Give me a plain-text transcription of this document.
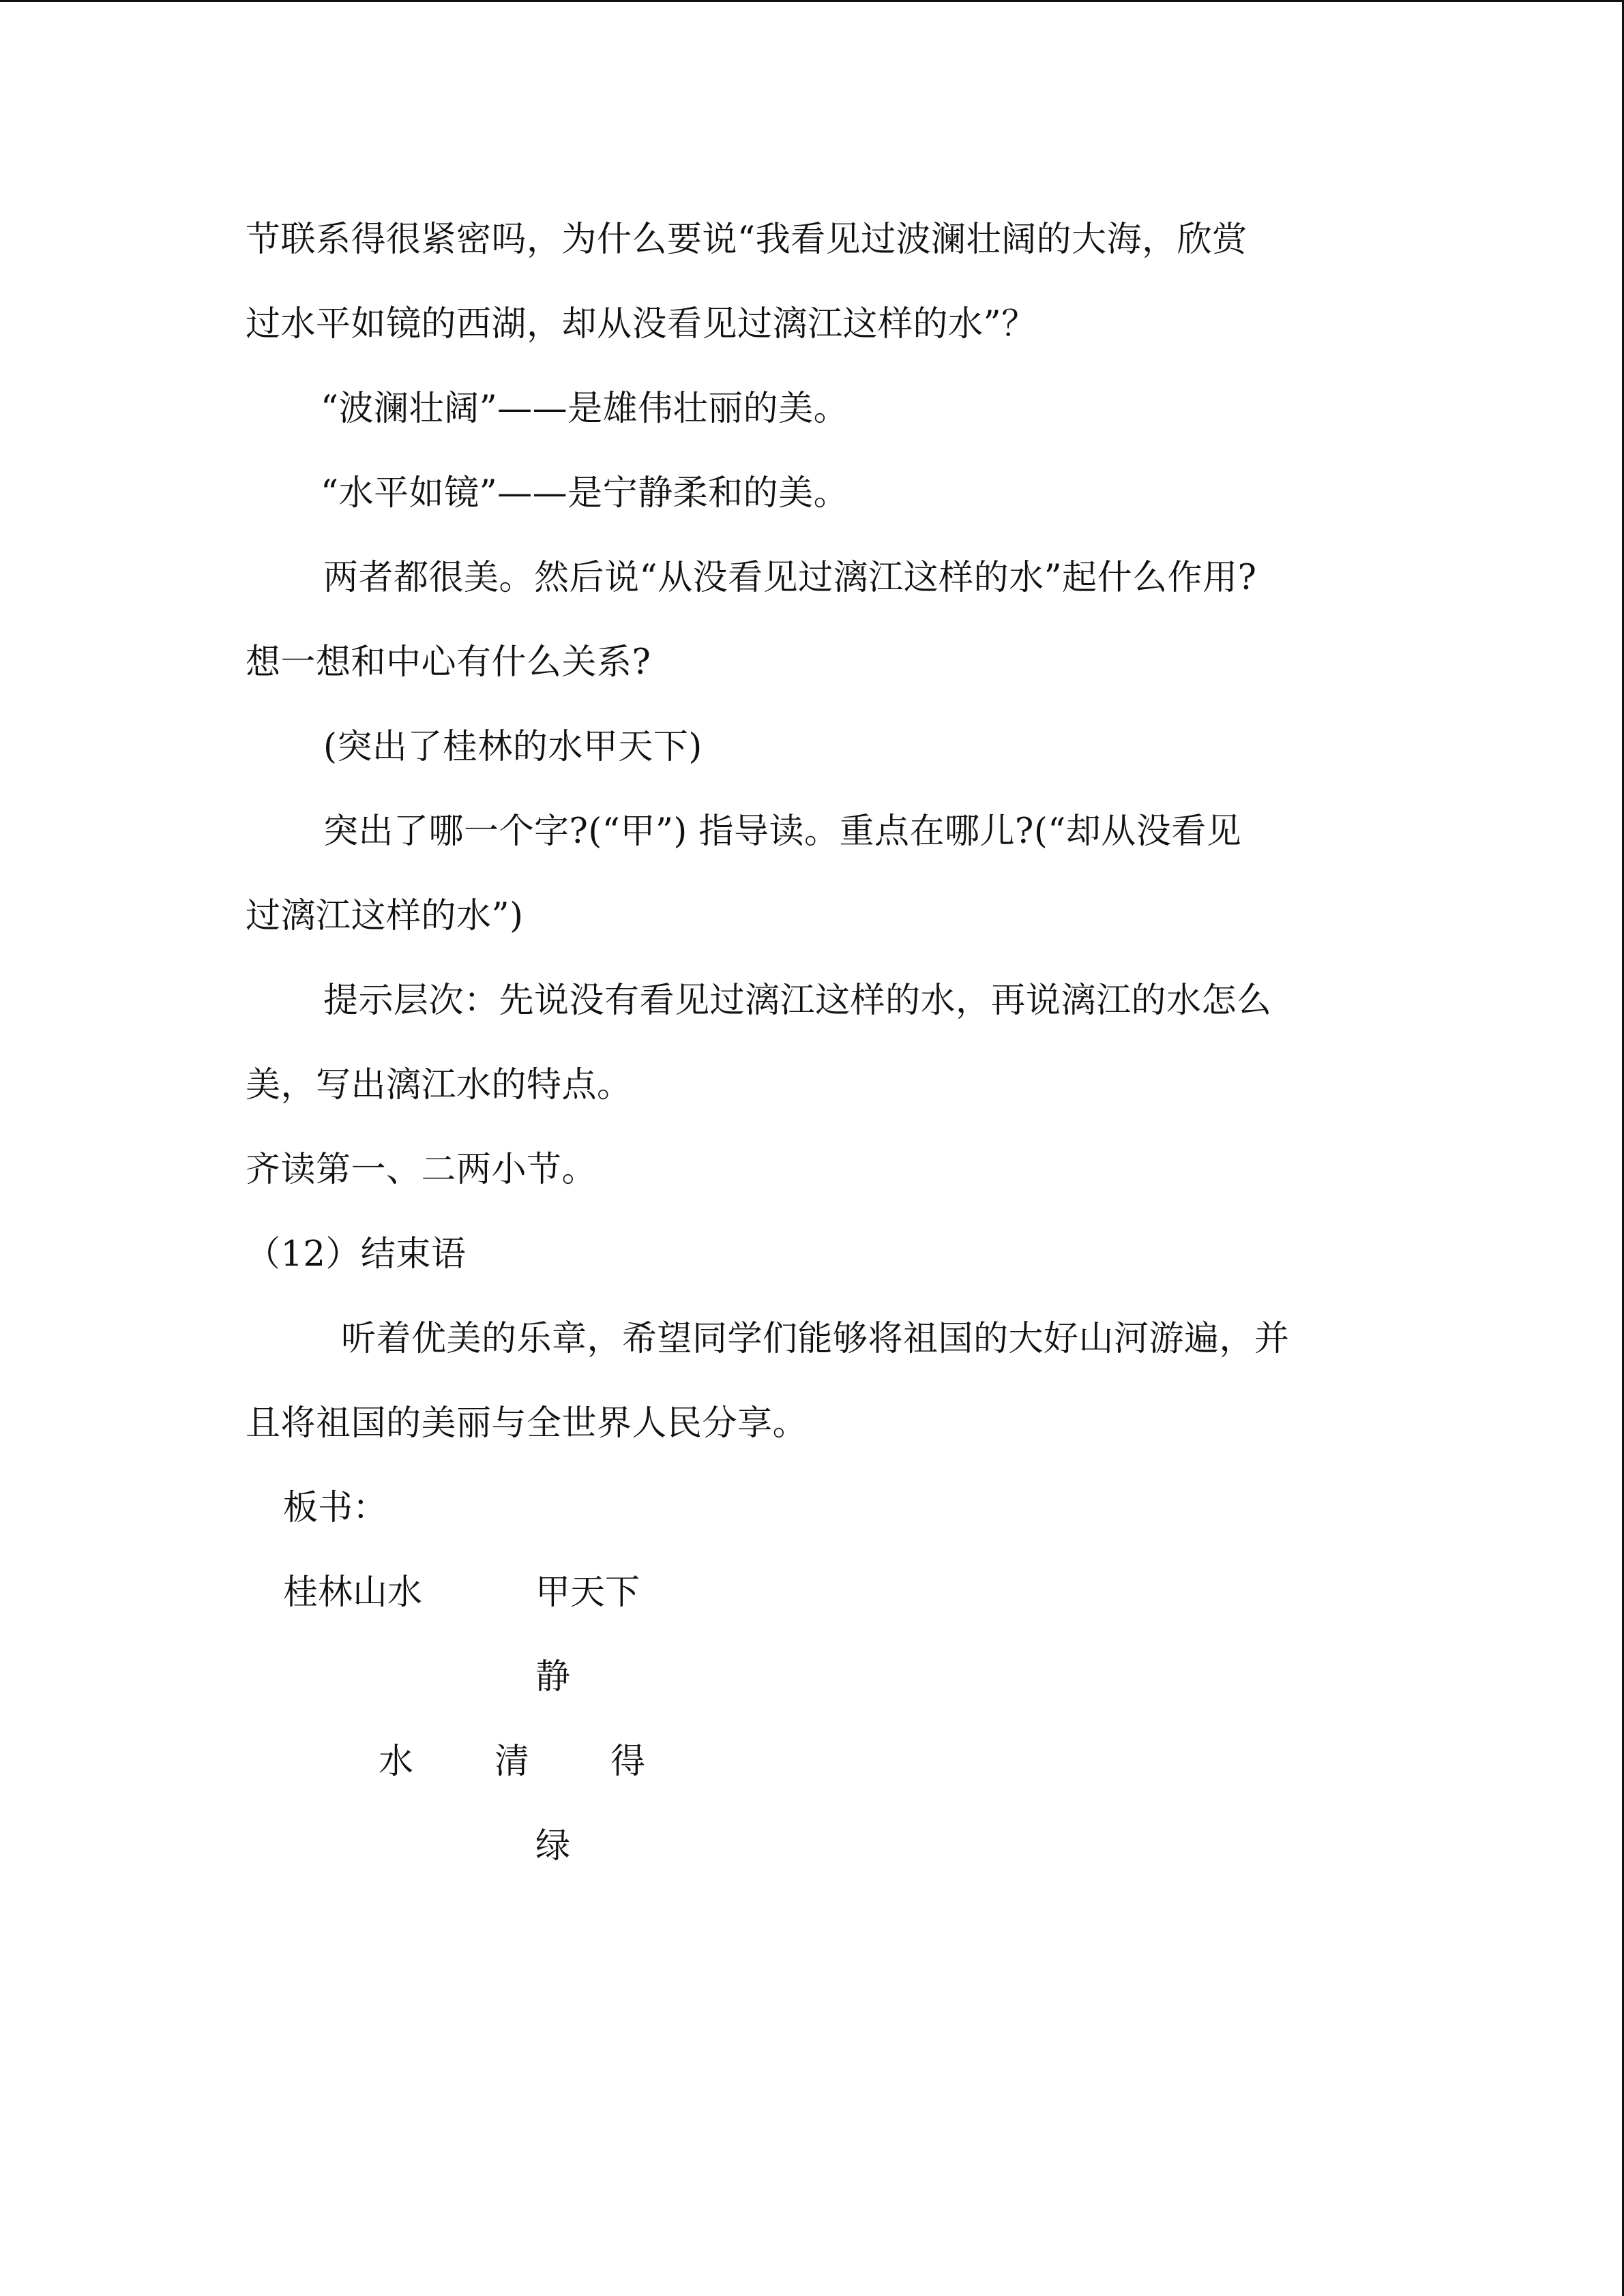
节联系得很紧密吗，为什么要说“我看见过波澜壮阔的大海，欣赏
过水平如镜的西湖，却从没看见过漓江这样的水”？
“波澜壮阔”——是雄伟壮丽的美。
“水平如镜”——是宁静柔和的美。
两者都很美。然后说“从没看见过漓江这样的水”起什么作用?
想一想和中心有什么关系?
(突出了桂林的水甲天下)
突出了哪一个字?(“甲”) 指导读。重点在哪儿?(“却从没看见
过漓江这样的水”)
提示层次：先说没有看见过漓江这样的水，再说漓江的水怎么
美，写出漓江水的特点。
齐读第一、二两小节。
（12）结束语
听着优美的乐章，希望同学们能够将祖国的大好山河游遍，并
且将祖国的美丽与全世界人民分享。
板书：
桂林山水	甲天下
静
水 清 得
绿
